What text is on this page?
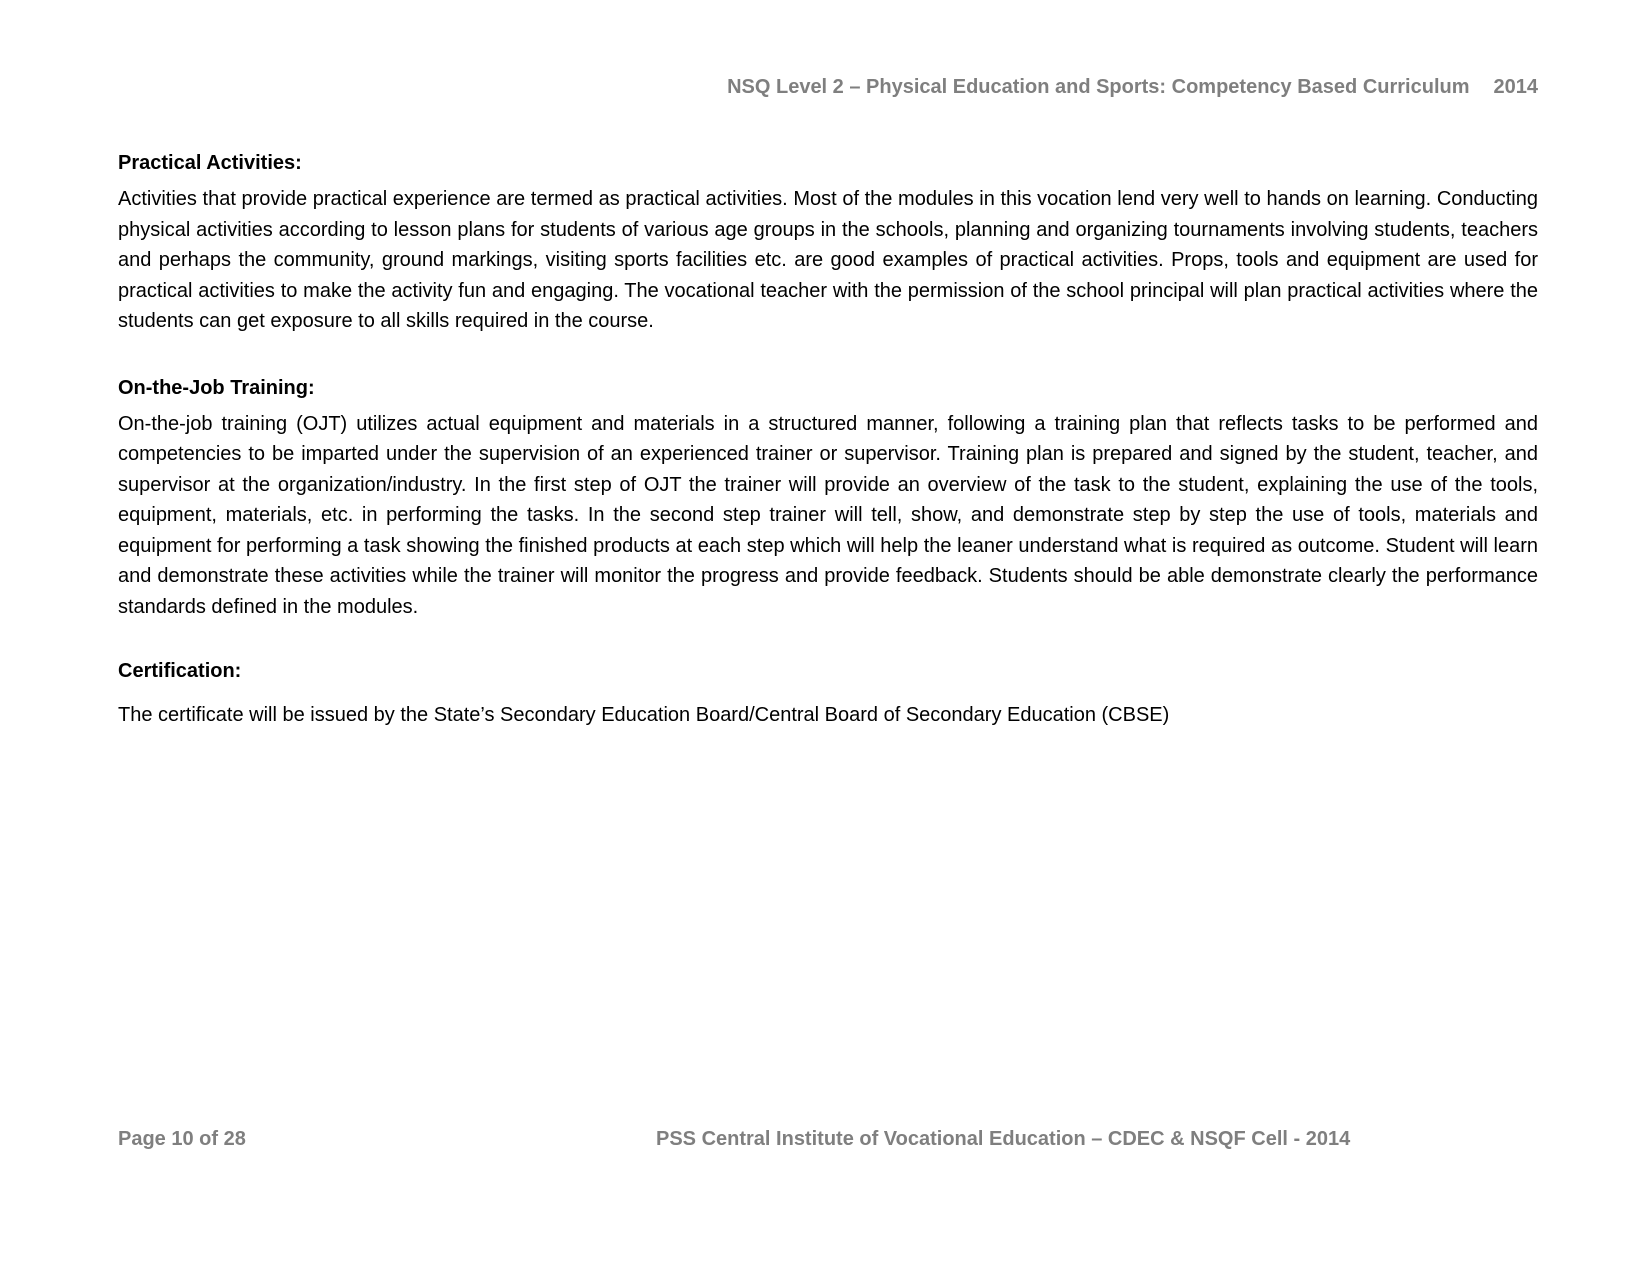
NSQ Level 2 – Physical Education and Sports: Competency Based Curriculum 2014
Practical Activities:

Activities that provide practical experience are termed as practical activities. Most of the modules in this vocation lend very well to hands on learning. Conducting physical activities according to lesson plans for students of various age groups in the schools, planning and organizing tournaments involving students, teachers and perhaps the community, ground markings, visiting sports facilities etc. are good examples of practical activities. Props, tools and equipment are used for practical activities to make the activity fun and engaging. The vocational teacher with the permission of the school principal will plan practical activities where the students can get exposure to all skills required in the course.

On-the-Job Training:

On-the-job training (OJT) utilizes actual equipment and materials in a structured manner, following a training plan that reflects tasks to be performed and competencies to be imparted under the supervision of an experienced trainer or supervisor. Training plan is prepared and signed by the student, teacher, and supervisor at the organization/industry. In the first step of OJT the trainer will provide an overview of the task to the student, explaining the use of the tools, equipment, materials, etc. in performing the tasks. In the second step trainer will tell, show, and demonstrate step by step the use of tools, materials and equipment for performing a task showing the finished products at each step which will help the leaner understand what is required as outcome. Student will learn and demonstrate these activities while the trainer will monitor the progress and provide feedback. Students should be able demonstrate clearly the performance standards defined in the modules.

Certification:

The certificate will be issued by the State’s Secondary Education Board/Central Board of Secondary Education (CBSE)

Page 10 of 28	PSS Central Institute of Vocational Education – CDEC & NSQF Cell - 2014
